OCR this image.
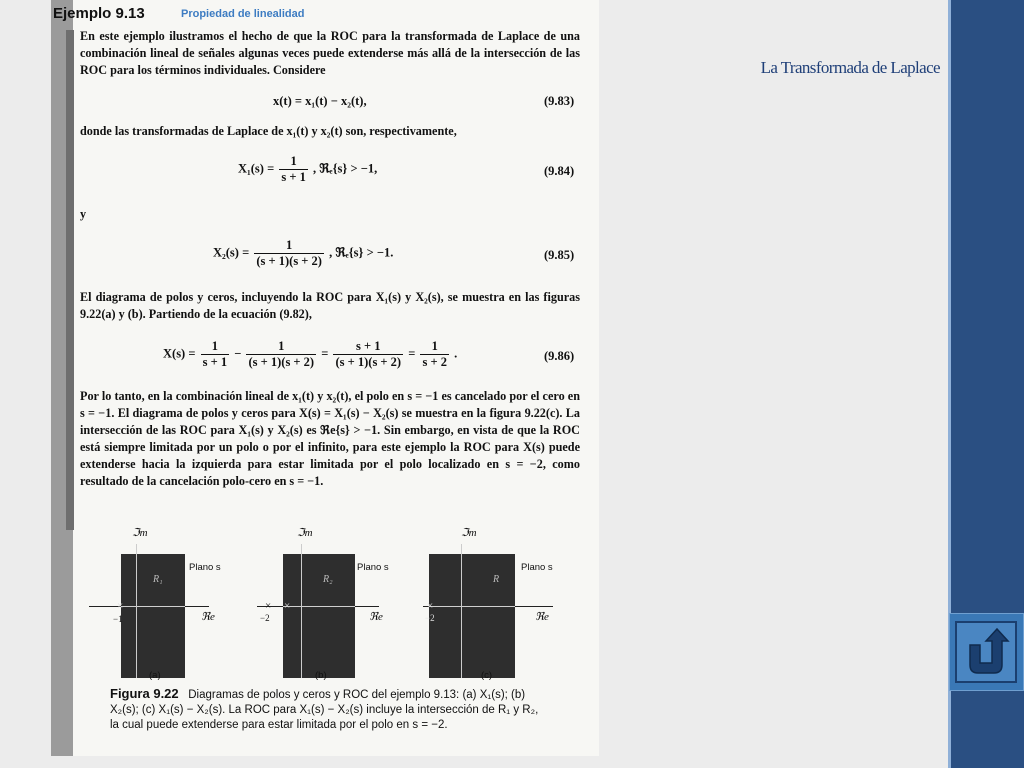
La Transformada de Laplace
Ejemplo 9.13	Propiedad de linealidad
En este ejemplo ilustramos el hecho de que la ROC para la transformada de Laplace de una combinación lineal de señales algunas veces puede extenderse más allá de la intersección de las ROC para los términos individuales. Considere
x(t) = x₁(t) − x₂(t),	(9.83)
donde las transformadas de Laplace de x₁(t) y x₂(t) son, respectivamente,
$X_1(s) = \frac{1}{s + 1}$ , ℜₑ{s} > −1,	(9.84)
y
$X_2(s) = \frac{1}{(s + 1)(s + 2)}$ , ℜₑ{s} > −1.	(9.85)
El diagrama de polos y ceros, incluyendo la ROC para X₁(s) y X₂(s), se muestra en las figuras 9.22(a) y (b). Partiendo de la ecuación (9.82),
$X(s) = \frac{1}{s + 1} - \frac{1}{(s + 1)(s + 2)} = \frac{s + 1}{(s + 1)(s + 2)} = \frac{1}{s + 2}$ .	(9.86)
Por lo tanto, en la combinación lineal de x₁(t) y x₂(t), el polo en s = −1 es cancelado por el cero en s = −1. El diagrama de polos y ceros para X(s) = X₁(s) − X₂(s) se muestra en la figura 9.22(c). La intersección de las ROC para X₁(s) y X₂(s) es ℜe{s} > −1. Sin embargo, en vista de que la ROC está siempre limitada por un polo o por el infinito, para este ejemplo la ROC para X(s) puede extenderse hacia la izquierda para estar limitada por el polo localizado en s = −2, como resultado de la cancelación polo-cero en s = −1.
ℑm
R₁
Plano s
×
−1	ℜe
(a)
ℑm
R₂
Plano s
× ×
−2	ℜe
(b)
ℑm
R
Plano s
×
−2	ℜe
(c)
Figura 9.22 Diagramas de polos y ceros y ROC del ejemplo 9.13: (a) X₁(s); (b) X₂(s); (c) X₁(s) − X₂(s). La ROC para X₁(s) − X₂(s) incluye la intersección de R₁ y R₂, la cual puede extenderse para estar limitada por el polo en s = −2.
